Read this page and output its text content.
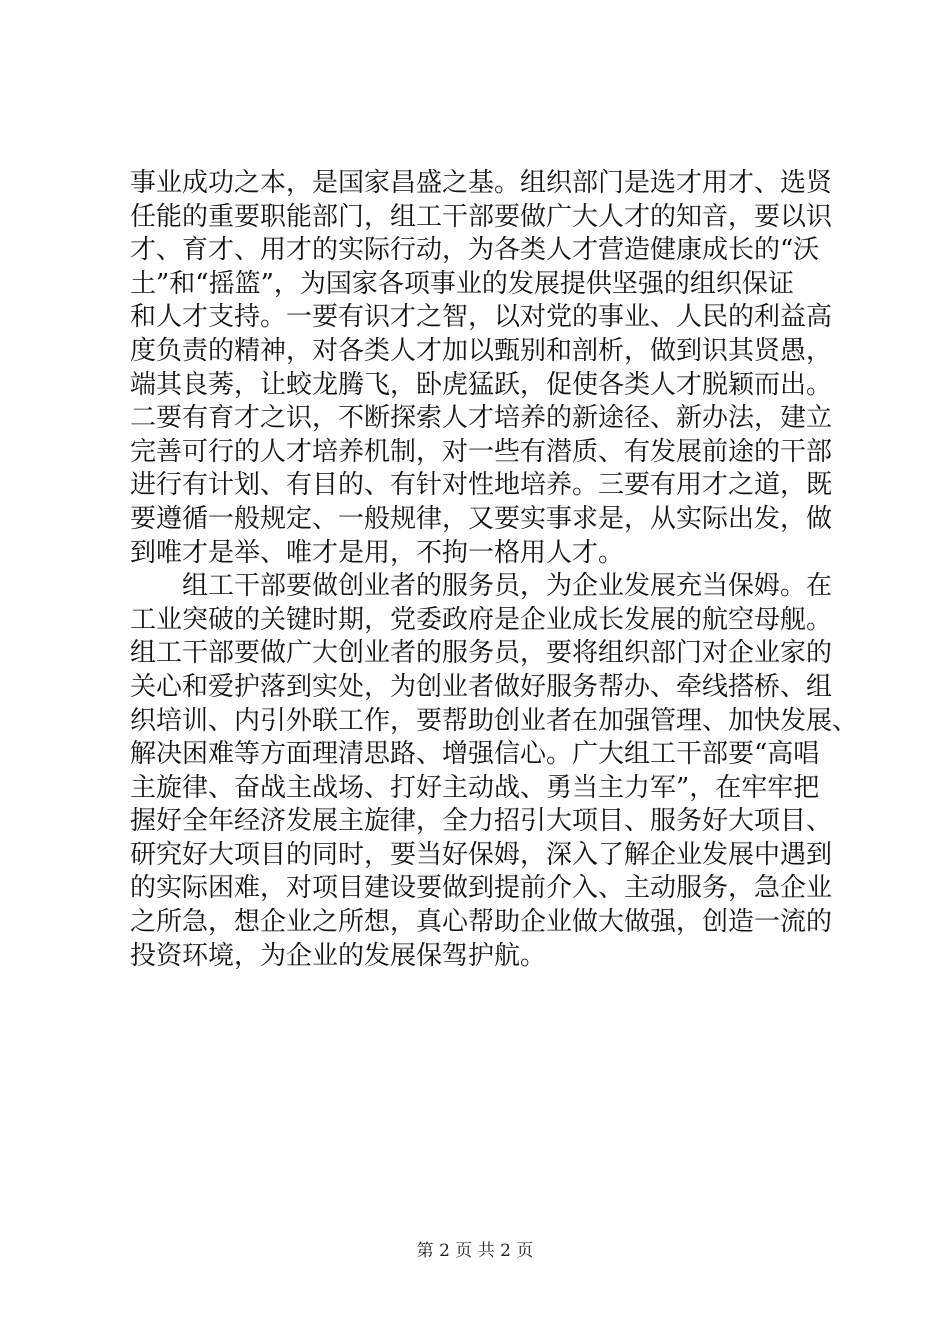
事业成功之本，是国家昌盛之基。组织部门是选才用才、选贤
任能的重要职能部门，组工干部要做广大人才的知音，要以识
才、育才、用才的实际行动，为各类人才营造健康成长的“沃
土”和“摇篮”，为国家各项事业的发展提供坚强的组织保证
和人才支持。一要有识才之智，以对党的事业、人民的利益高
度负责的精神，对各类人才加以甄别和剖析，做到识其贤愚，
端其良莠，让蛟龙腾飞，卧虎猛跃，促使各类人才脱颖而出。
二要有育才之识，不断探索人才培养的新途径、新办法，建立
完善可行的人才培养机制，对一些有潜质、有发展前途的干部
进行有计划、有目的、有针对性地培养。三要有用才之道，既
要遵循一般规定、一般规律，又要实事求是，从实际出发，做
到唯才是举、唯才是用，不拘一格用人才。
　　组工干部要做创业者的服务员，为企业发展充当保姆。在
工业突破的关键时期，党委政府是企业成长发展的航空母舰。
组工干部要做广大创业者的服务员，要将组织部门对企业家的
关心和爱护落到实处，为创业者做好服务帮办、牵线搭桥、组
织培训、内引外联工作，要帮助创业者在加强管理、加快发展、
解决困难等方面理清思路、增强信心。广大组工干部要“高唱
主旋律、奋战主战场、打好主动战、勇当主力军”，在牢牢把
握好全年经济发展主旋律，全力招引大项目、服务好大项目、
研究好大项目的同时，要当好保姆，深入了解企业发展中遇到
的实际困难，对项目建设要做到提前介入、主动服务，急企业
之所急，想企业之所想，真心帮助企业做大做强，创造一流的
投资环境，为企业的发展保驾护航。
第 2 页 共 2 页
